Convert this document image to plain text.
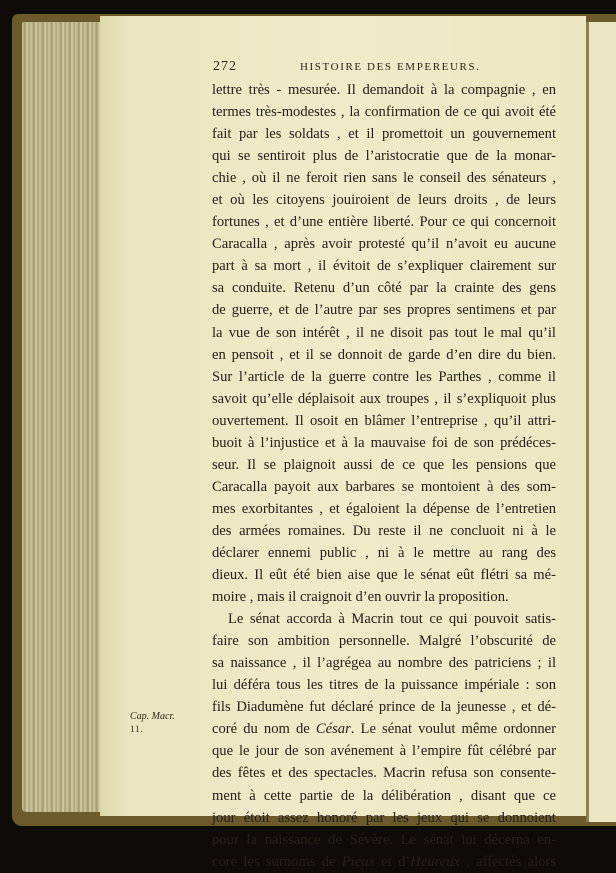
272	HISTOIRE DES EMPEREURS.
lettre très - mesurée. Il demandoit à la compagnie , en
termes très-modestes , la confirmation de ce qui avoit été
fait par les soldats , et il promettoit un gouvernement
qui se sentiroit plus de l’aristocratie que de la monar-
chie , où il ne feroit rien sans le conseil des sénateurs ,
et où les citoyens jouiroient de leurs droits , de leurs
fortunes , et d’une entière liberté. Pour ce qui concernoit
Caracalla , après avoir protesté qu’il n’avoit eu aucune
part à sa mort , il évitoit de s’expliquer clairement sur
sa conduite. Retenu d’un côté par la crainte des gens
de guerre, et de l’autre par ses propres sentimens et par
la vue de son intérêt , il ne disoit pas tout le mal qu’il
en pensoit , et il se donnoit de garde d’en dire du bien.
Sur l’article de la guerre contre les Parthes , comme il
savoit qu’elle déplaisoit aux troupes , il s’expliquoit plus
ouvertement. Il osoit en blâmer l’entreprise , qu’il attri-
buoit à l’injustice et à la mauvaise foi de son prédéces-
seur. Il se plaignoit aussi de ce que les pensions que
Caracalla payoit aux barbares se montoient à des som-
mes exorbitantes , et égaloient la dépense de l’entretien
des armées romaines. Du reste il ne concluoit ni à le
déclarer ennemi public , ni à le mettre au rang des
dieux. Il eût été bien aise que le sénat eût flétri sa mé-
moire , mais il craignoit d’en ouvrir la proposition.
Le sénat accorda à Macrin tout ce qui pouvoit satis-
faire son ambition personnelle. Malgré l’obscurité de
sa naissance , il l’agrégea au nombre des patriciens ; il
lui déféra tous les titres de la puissance impériale : son
fils Diadumène fut déclaré prince de la jeunesse , et dé-
coré du nom de César. Le sénat voulut même ordonner
que le jour de son avénement à l’empire fût célébré par
des fêtes et des spectacles. Macrin refusa son consente-
ment à cette partie de la délibération , disant que ce
jour étoit assez honoré par les jeux qui se donnoient
pour la naissance de Sévère. Le sénat lui décerna en-
core les surnoms de Pieux et d’Heureux , affectés alors
Cap. Macr.
11.
